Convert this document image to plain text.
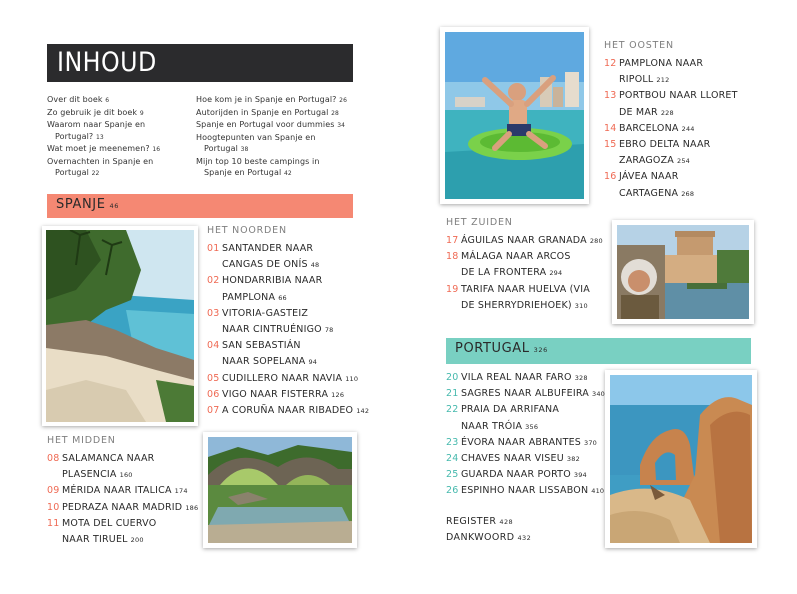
INHOUD
Over dit boek 6
Zo gebruik je dit boek 9
Waarom naar Spanje en
Portugal? 13
Wat moet je meenemen? 16
Overnachten in Spanje en
Portugal 22
Hoe kom je in Spanje en Portugal? 26
Autorijden in Spanje en Portugal 28
Spanje en Portugal voor dummies 34
Hoogtepunten van Spanje en
Portugal 38
Mijn top 10 beste campings in
Spanje en Portugal 42
SPANJE 46
HET NOORDEN
01 SANTANDER NAAR
CANGAS DE ONÍS 48
02 HONDARRIBIA NAAR
PAMPLONA 66
03 VITORIA-GASTEIZ
NAAR CINTRUÉNIGO 78
04 SAN SEBASTIÁN
NAAR SOPELANA 94
05 CUDILLERO NAAR NAVIA 110
06 VIGO NAAR FISTERRA 126
07 A CORUÑA NAAR RIBADEO 142
HET MIDDEN
08 SALAMANCA NAAR
PLASENCIA 160
09 MÉRIDA NAAR ITALICA 174
10 PEDRAZA NAAR MADRID 186
11 MOTA DEL CUERVO
NAAR TIRUEL 200
HET OOSTEN
12 PAMPLONA NAAR
RIPOLL 212
13 PORTBOU NAAR LLORET
DE MAR 228
14 BARCELONA 244
15 EBRO DELTA NAAR
ZARAGOZA 254
16 JÁVEA NAAR
CARTAGENA 268
HET ZUIDEN
17 ÁGUILAS NAAR GRANADA 280
18 MÁLAGA NAAR ARCOS
DE LA FRONTERA 294
19 TARIFA NAAR HUELVA (VIA
DE SHERRYDRIEHOEK) 310
PORTUGAL 326
20 VILA REAL NAAR FARO 328
21 SAGRES NAAR ALBUFEIRA 340
22 PRAIA DA ARRIFANA
NAAR TRÓIA 356
23 ÉVORA NAAR ABRANTES 370
24 CHAVES NAAR VISEU 382
25 GUARDA NAAR PORTO 394
26 ESPINHO NAAR LISSABON 410
REGISTER 428
DANKWOORD 432
